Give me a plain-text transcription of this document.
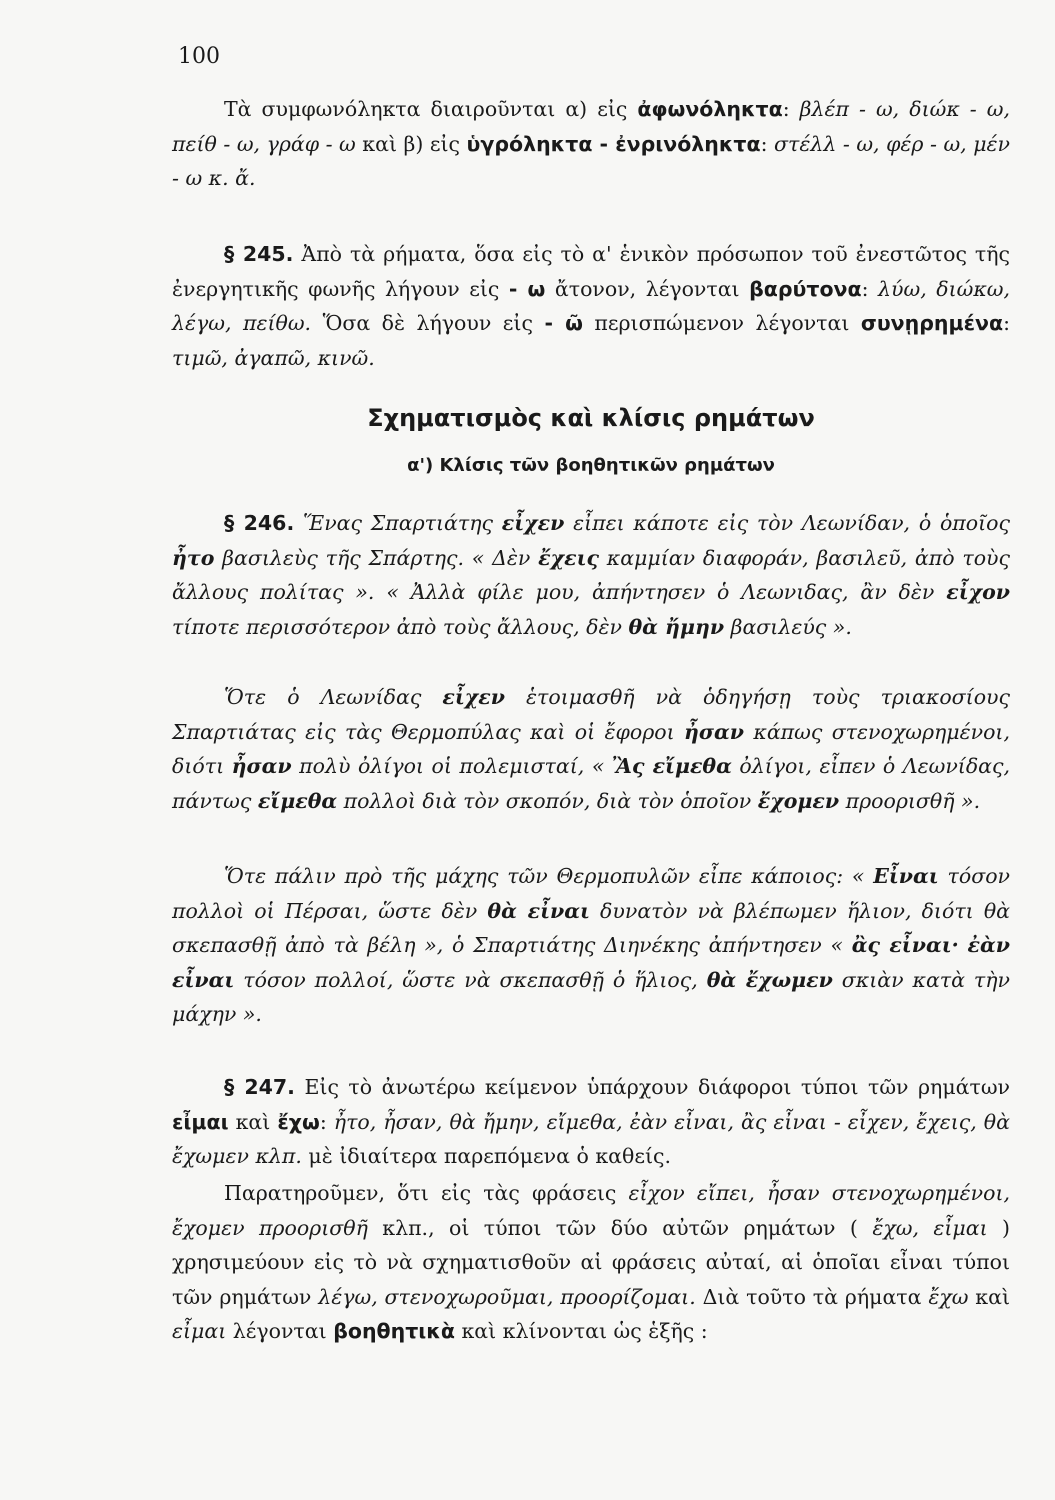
100
Τὰ συμφωνόληκτα διαιροῦνται α) εἰς ἀφωνόληκτα: βλέπ - ω, διώκ - ω, πείθ - ω, γράφ - ω καὶ β) εἰς ὑγρόληκτα - ἐνρινόληκτα: στέλλ - ω, φέρ - ω, μέν - ω κ. ἄ.
§ 245. Ἀπὸ τὰ ρήματα, ὅσα εἰς τὸ α' ἑνικὸν πρόσωπον τοῦ ἐνεστῶτος τῆς ἐνεργητικῆς φωνῆς λήγουν εἰς - ω ἄτονον, λέγονται βαρύτονα: λύω, διώκω, λέγω, πείθω. Ὅσα δὲ λήγουν εἰς - ῶ περισπώμενον λέγονται συνῃρημένα: τιμῶ, ἀγαπῶ, κινῶ.
Σχηματισμὸς καὶ κλίσις ρημάτων
α') Κλίσις τῶν βοηθητικῶν ρημάτων
§ 246. Ἕνας Σπαρτιάτης εἶχεν εἶπει κάποτε εἰς τὸν Λεωνίδαν, ὁ ὁποῖος ἦτο βασιλεὺς τῆς Σπάρτης. « Δὲν ἔχεις καμμίαν διαφοράν, βασιλεῦ, ἀπὸ τοὺς ἄλλους πολίτας ». « Ἀλλὰ φίλε μου, ἀπήντησεν ὁ Λεωνιδας, ἂν δὲν εἶχον τίποτε περισσότερον ἀπὸ τοὺς ἄλλους, δὲν θὰ ἤμην βασιλεύς ».
Ὅτε ὁ Λεωνίδας εἶχεν ἑτοιμασθῆ νὰ ὁδηγήσῃ τοὺς τριακοσίους Σπαρτιάτας εἰς τὰς Θερμοπύλας καὶ οἱ ἔφοροι ἦσαν κάπως στενοχωρημένοι, διότι ἦσαν πολὺ ὀλίγοι οἱ πολεμισταί, « Ἂς εἴμεθα ὀλίγοι, εἶπεν ὁ Λεωνίδας, πάντως εἴμεθα πολλοὶ διὰ τὸν σκοπόν, διὰ τὸν ὁποῖον ἔχομεν προορισθῆ ».
Ὅτε πάλιν πρὸ τῆς μάχης τῶν Θερμοπυλῶν εἶπε κάποιος: « Εἶναι τόσον πολλοὶ οἱ Πέρσαι, ὥστε δὲν θὰ εἶναι δυνατὸν νὰ βλέπωμεν ἥλιον, διότι θὰ σκεπασθῇ ἀπὸ τὰ βέλη », ὁ Σπαρτιάτης Διηνέκης ἀπήντησεν « ἂς εἶναι· ἐὰν εἶναι τόσον πολλοί, ὥστε νὰ σκεπασθῇ ὁ ἥλιος, θὰ ἔχωμεν σκιὰν κατὰ τὴν μάχην ».
§ 247. Εἰς τὸ ἀνωτέρω κείμενον ὑπάρχουν διάφοροι τύποι τῶν ρημάτων εἶμαι καὶ ἔχω: ἦτο, ἦσαν, θὰ ἤμην, εἴμεθα, ἐὰν εἶναι, ἂς εἶναι - εἶχεν, ἔχεις, θὰ ἔχωμεν κλπ. μὲ ἰδιαίτερα παρεπόμενα ὁ καθείς.
Παρατηροῦμεν, ὅτι εἰς τὰς φράσεις εἶχον εἴπει, ἦσαν στενοχωρημένοι, ἔχομεν προορισθῆ κλπ., οἱ τύποι τῶν δύο αὐτῶν ρημάτων ( ἔχω, εἶμαι ) χρησιμεύουν εἰς τὸ νὰ σχηματισθοῦν αἱ φράσεις αὐταί, αἱ ὁποῖαι εἶναι τύποι τῶν ρημάτων λέγω, στενοχωροῦμαι, προορίζομαι. Διὰ τοῦτο τὰ ρήματα ἔχω καὶ εἶμαι λέγονται βοηθητικὰ καὶ κλίνονται ὡς ἑξῆς :
